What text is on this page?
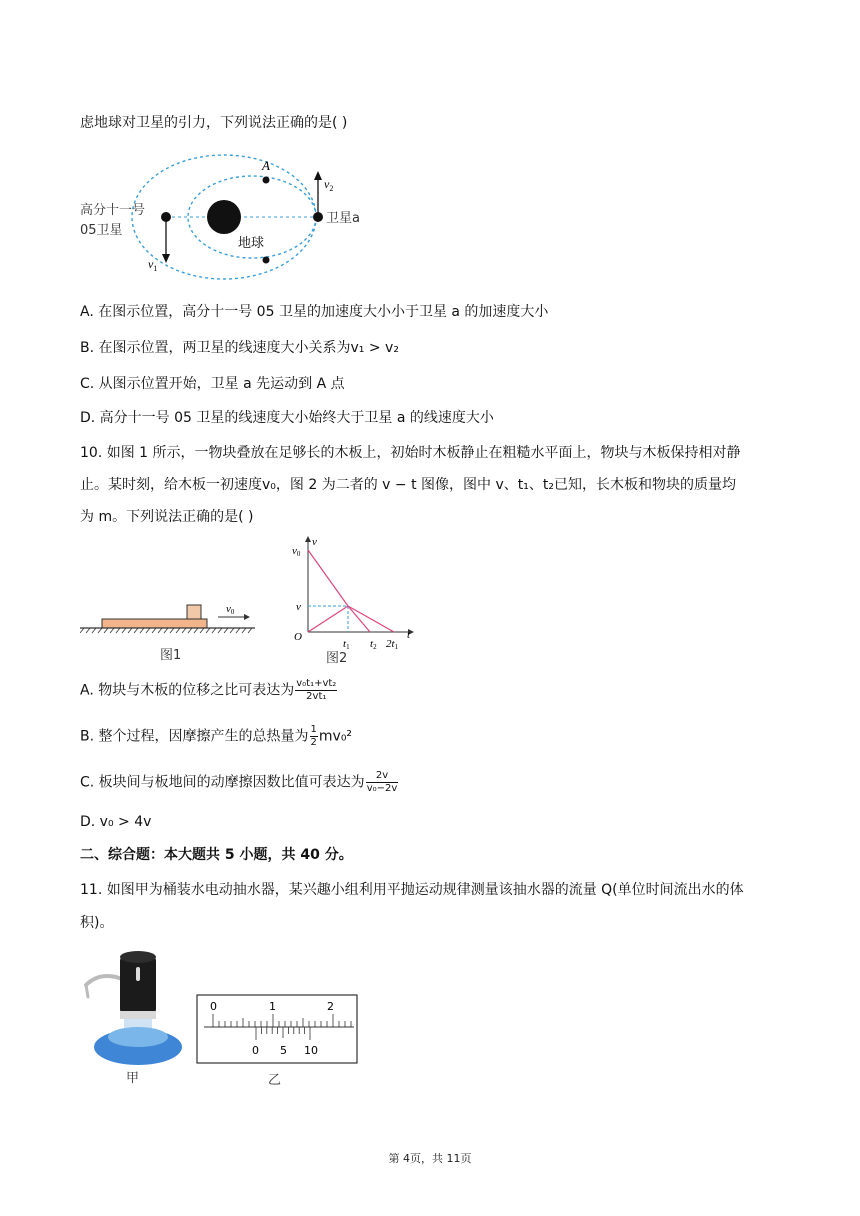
虑地球对卫星的引力，下列说法正确的是( )
A
$v_2$
高分十一号
05卫星
卫星a
地球
$v_1$
A. 在图示位置，高分十一号 05 卫星的加速度大小小于卫星 a 的加速度大小
B. 在图示位置，两卫星的线速度大小关系为v₁ > v₂
C. 从图示位置开始，卫星 a 先运动到 A 点
D. 高分十一号 05 卫星的线速度大小始终大于卫星 a 的线速度大小
10. 如图 1 所示，一物块叠放在足够长的木板上，初始时木板静止在粗糙水平面上，物块与木板保持相对静
止。某时刻，给木板一初速度v₀，图 2 为二者的 v − t 图像，图中 v、t₁、t₂已知，长木板和物块的质量均
为 m。下列说法正确的是( )
v0
图1
v
t
O
v0
v
t1 t2 2t1
图2
A. 物块与木板的位移之比可表达为 $\frac{\text{v₀t₁+vt₂}}{\text{2vt₁}}$
B. 整个过程，因摩擦产生的总热量为 $\frac{1}{2} mv_0^2$
C. 板块间与板地间的动摩擦因数比值可表达为 $\frac{2v}{\text{v₀−2v}}$
D. v₀ > 4v
二、综合题：本大题共 5 小题，共 40 分。
11. 如图甲为桶装水电动抽水器，某兴趣小组利用平抛运动规律测量该抽水器的流量 Q(单位时间流出水的体
积)。
甲
0	1	2
0 5 10
乙
第 4页，共 11页
